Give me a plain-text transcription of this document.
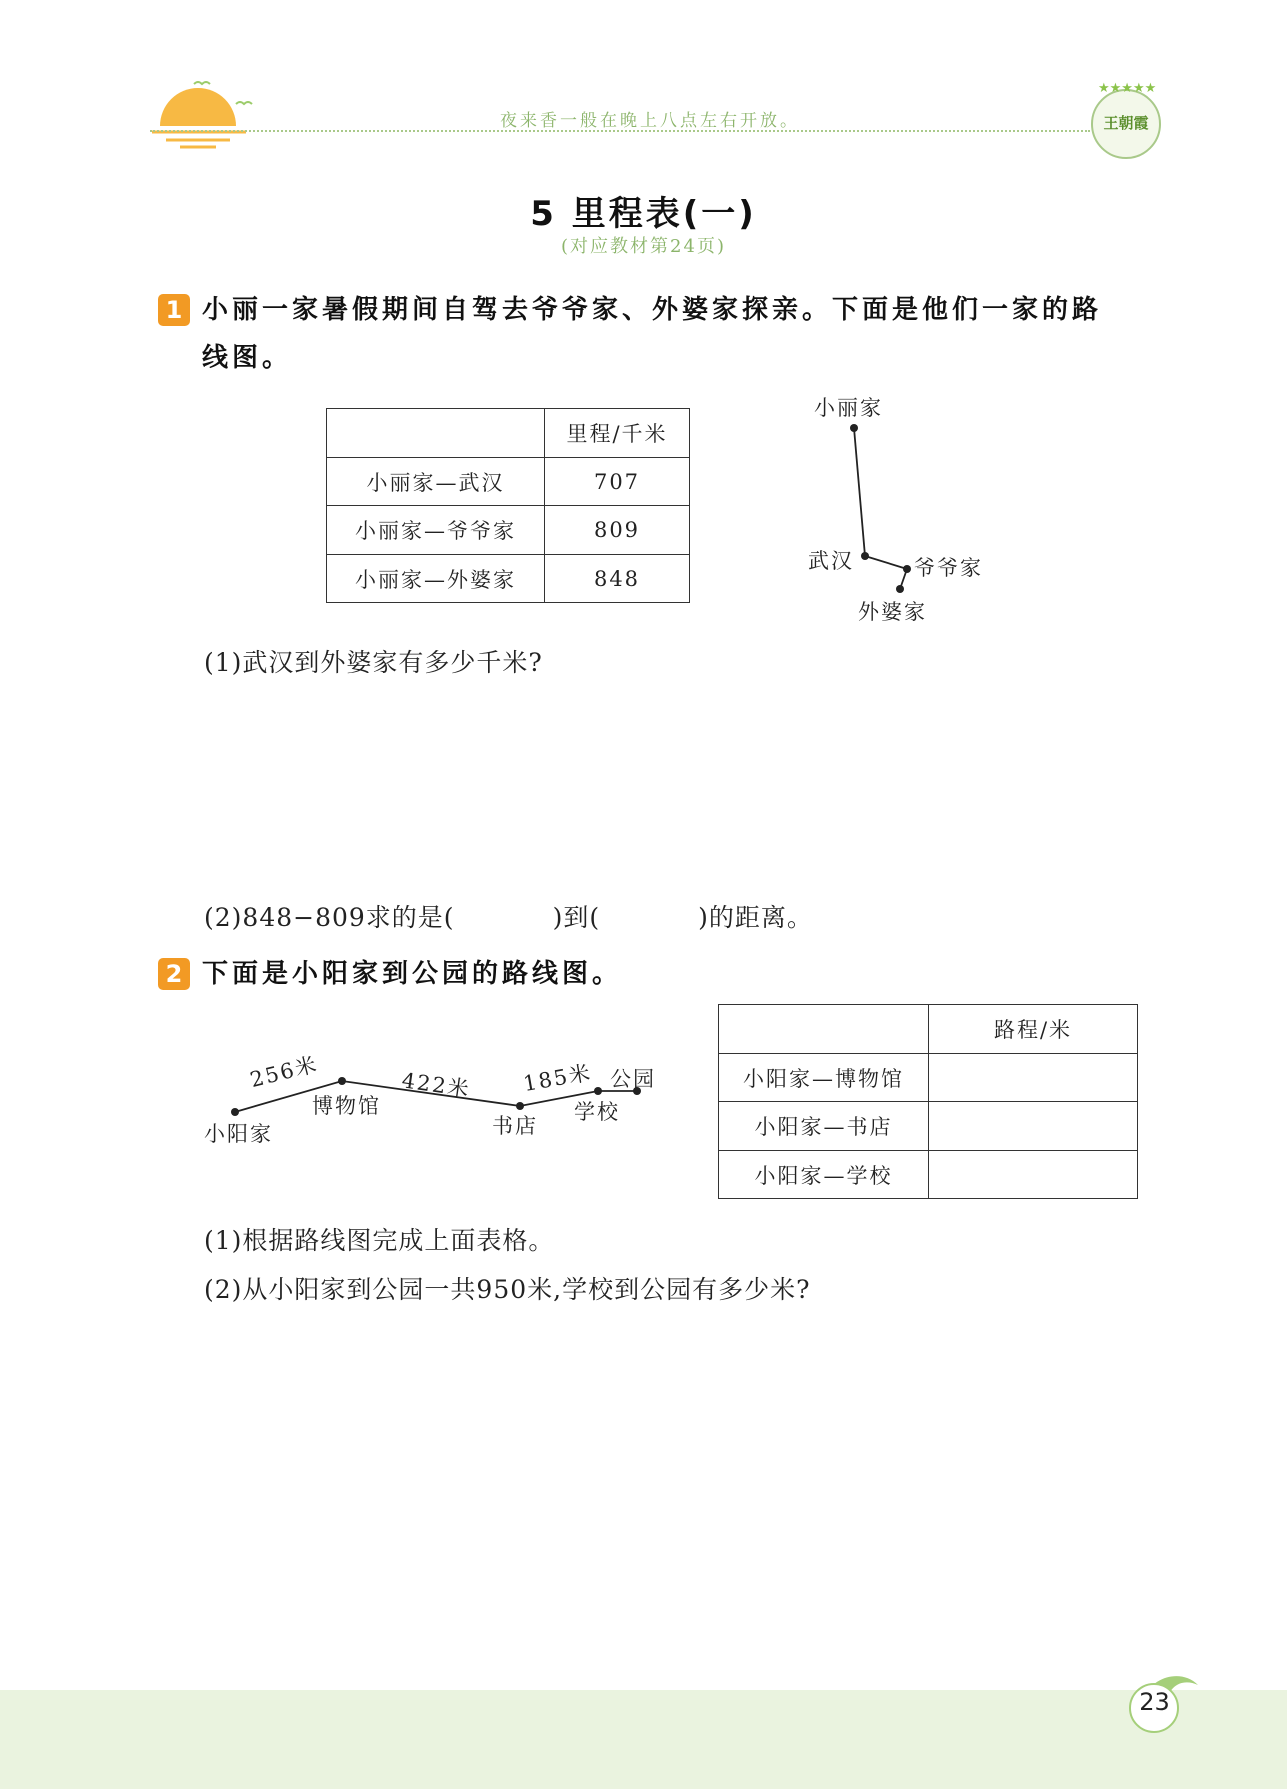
夜来香一般在晚上八点左右开放。
★★★★★
王朝霞
5 里程表(一)
(对应教材第24页)
1 小丽一家暑假期间自驾去爷爷家、外婆家探亲。下面是他们一家的路
线图。
	里程/千米
小丽家—武汉	707
小丽家—爷爷家	809
小丽家—外婆家	848
小丽家
武汉	爷爷家
外婆家
(1)武汉到外婆家有多少千米?
(2)848−809求的是(	)到(	)的距离。
2 下面是小阳家到公园的路线图。
256米	422米 185米 公园
博物馆	学校
书店
小阳家
	路程/米
小阳家—博物馆	
小阳家—书店	
小阳家—学校	
(1)根据路线图完成上面表格。
(2)从小阳家到公园一共950米,学校到公园有多少米?
23
